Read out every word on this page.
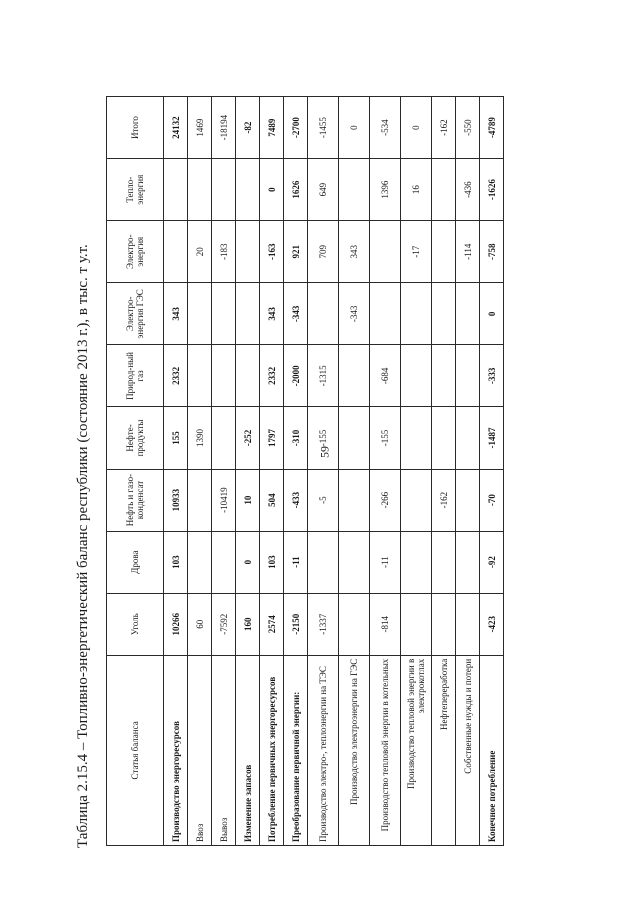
59
Таблица 2.15.4 – Топливно-энергетический баланс республики (состояние 2013 г.), в тыс. т у.т.	Статья баланса	Уголь	Дрова	Нефть и газо-конденсат	Нефте-продукты	Природ-ный газ	Электро-энергия ГЭС	Электро-энергия	Тепло-энергия	Итого
Производство энергоресурсов	10266	103	10933	155	2332	343			24132
Ввоз	60			1390			20		1469
Вывоз	-7592		-10419				-183		-18194
Изменение запасов	160	0	10	-252					-82
Потребление первичных энергоресурсов	2574	103	504	1797	2332	343	-163	0	7489
Преобразование первичной энергии:	-2150	-11	-433	-310	-2000	-343	921	1626	-2700
Производство электро-, теплоэнергии на ТЭС	-1337		-5	-155	-1315		709	649	-1455
Производство электроэнергии на ГЭС						-343	343		0
Производство тепловой энергии в котельных	-814	-11	-266	-155	-684			1396	-534
Производство тепловой энергии в электрокотлах							-17	16	0
Нефтепереработка			-162						-162
Собственные нужды и потери							-114	-436	-550
Конечное потребление	-423	-92	-70	-1487	-333	0	-758	-1626	-4789
